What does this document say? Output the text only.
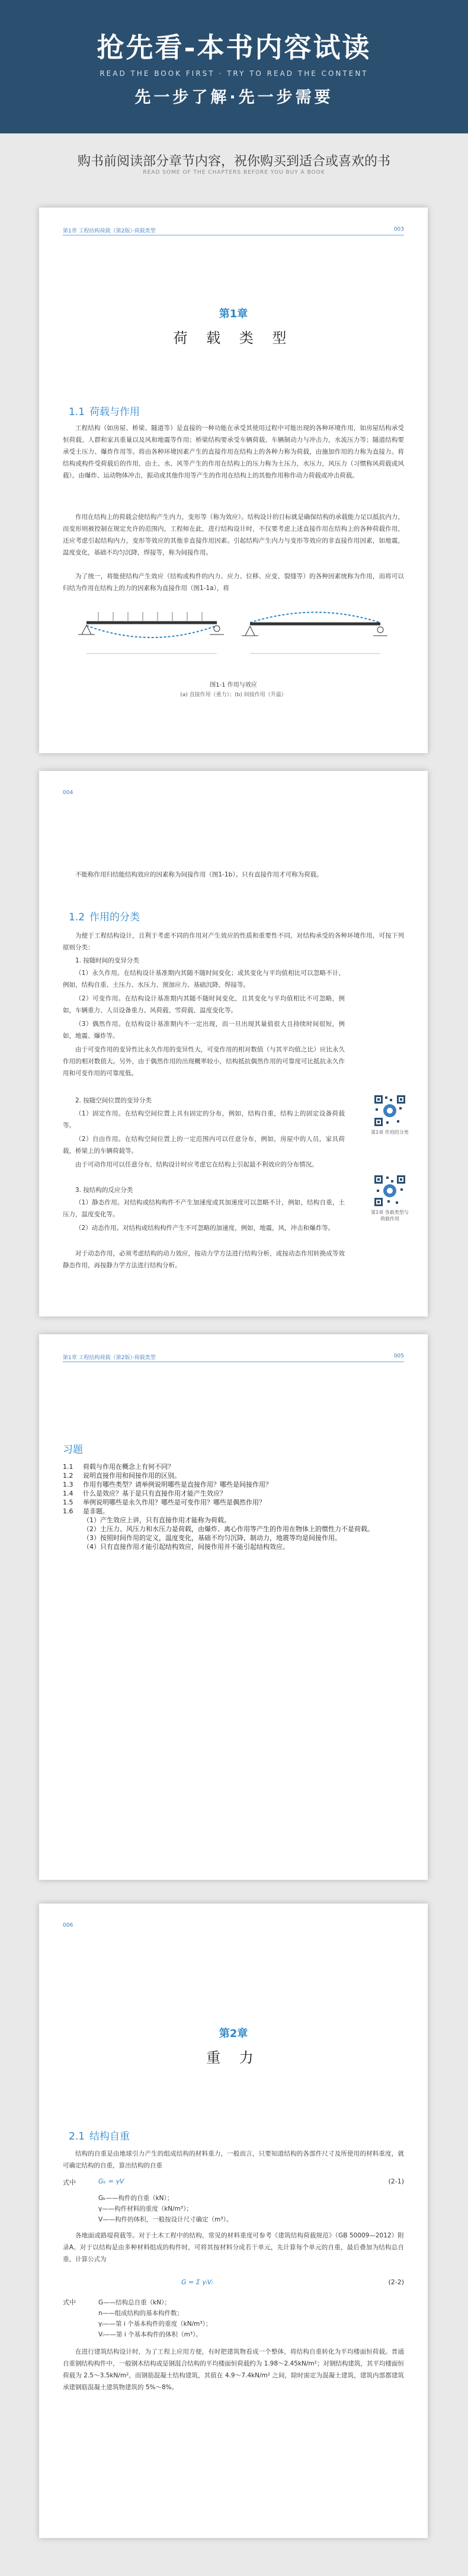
抢先看-本书内容试读
READ THE BOOK FIRST · TRY TO READ THE CONTENT
先一步了解·先一步需要
购书前阅读部分章节内容，祝你购买到适合或喜欢的书
READ SOME OF THE CHAPTERS BEFORE YOU BUY A BOOK
第1章 工程结构荷载（第2版）·荷载类型	003
第1章
荷 载 类 型
1.1 荷载与作用
工程结构（如房屋、桥梁、隧道等）是直接的一种功能在承受其使用过程中可能出现的各种环境作用，如房屋结构承受恒荷载、人群和家具重量以及风和地震等作用；桥梁结构要承受车辆荷载、车辆制动力与冲击力，水流压力等；隧道结构要承受土压力、爆炸作用等。将由各种环境因素产生的直接作用在结构上的各种力称为荷载，由施加作用的力称为直接力。将结构或构件受荷载后的作用，由土、水、风等产生的作用在结构上的压力称为土压力，水压力，风压力（习惯称风荷载或风载），由爆炸、运动物体冲击，振动或其他作用等产生的作用在结构上的其他作用称作动力荷载或冲击荷载。
作用在结构上的荷载会使结构产生内力，变形等（称为效应）。结构设计的目标就是确保结构的承载能力足以抵抗内力，而变形则被控制在规定允许的范围内，工程师在此，进行结构设计时，不仅要考虑上述直接作用在结构上的各种荷载作用，还应考虑引起结构内力，变形等效应的其他非直接作用因素。引起结构产生内力与变形等效应的非直接作用因素，如地震，温度变化，基础不均匀沉降，焊接等，称为间接作用。
为了统一，将能使结构产生效应（结构或构件的内力、应力、位移、应变、裂缝等）的各种因素统称为作用，而将可以归结为作用在结构上的力的因素称为直接作用（图1-1a），将
图1-1 作用与效应
(a) 直接作用（重力）；(b) 间接作用（升温）
004
不能称作用归结能结构效应的因素称为间接作用（图1-1b）。只有直接作用才可称为荷载。
1.2 作用的分类
为便于工程结构设计，且利于考虑不同的作用对产生效应的性质和重要性不同，对结构承受的各种环境作用，可按下列原则分类：
1. 按随时间的变异分类
（1）永久作用。在结构设计基准期内其随不随时间变化；或其变化与平均值相比可以忽略不计，例如，结构自重、土压力、水压力、预加应力、基础沉降、焊接等。
（2）可变作用。在结构设计基准期内其随不随时间变化，且其变化与平均值相比不可忽略，例如，车辆重力、人员设备重力、风荷载、雪荷载、温度变化等。
（3）偶然作用。在结构设计基准期内不一定出现，而一旦出现其量值很大且持续时间很短，例如，地震、爆炸等。
由于可变作用的变异性比永久作用的变异性大，可变作用的相对数值（与其平均值之比）应比永久作用的相对数值大。另外，由于偶然作用的出现概率较小，结构抵抗偶然作用的可靠度可比抵抗永久作用和可变作用的可靠度低。
2. 按随空间位置的变异分类
（1）固定作用。在结构空间位置上具有固定的分布，例如，结构自重，结构上的固定设备荷载等。
（2）自由作用。在结构空间位置上的一定范围内可以任意分布，例如，房屋中的人员，家具荷载，桥梁上的车辆荷载等。
由于可动作用可以任意分布，结构设计时应考虑它在结构上引起最不利效应的分布情况。
3. 按结构的反应分类
（1）静态作用。对结构或结构构件不产生加速度或其加速度可以忽略不计，例如，结构自重，土压力，温度变化等。
（2）动态作用。对结构或结构构件产生不可忽略的加速度，例如，地震，风，冲击和爆炸等。
对于动态作用，必须考虑结构的动力效应，按动力学方法进行结构分析，或按动态作用转换成等效静态作用，再按静力学方法进行结构分析。
第1章 作用的分类
第1章 各载类型与荷载作用
第1章 工程结构荷载（第2版）·荷载类型	005
习题
1.1 荷载与作用在概念上有何不同？
1.2 说明直接作用和间接作用的区别。
1.3 作用有哪些类型？请举例说明哪些是直接作用？哪些是间接作用？
1.4 什么是效应？基于是只有直接作用才能产生效应？
1.5 举例说明哪些是永久作用？哪些是可变作用？哪些是偶然作用？
1.6 是非题。
（1）产生效应上讲，只有直接作用才能称为荷载。
（2）土压力、风压力和水压力是荷载，由爆炸、离心作用等产生的作用在物体上的惯性力不是荷载。
（3）按照时间作用的定义，温度变化，基础不均匀沉降，制动力，地震等均是间接作用。
（4）只有直接作用才能引起结构效应，间接作用并不能引起结构效应。
006
第2章
重 力
2.1 结构自重
结构的自重是由地球引力产生的组成结构的材料重力，一般而言，只要知道结构的各部件尺寸及所使用的材料重度，就可确定结构的自重，算出结构的自重
式中	Gₖ = γV	(2-1)
Gₖ——构件的自重（kN）；
γ——构件材料的重度（kN/m³）；
V——构件的体积，一般按设计尺寸确定（m³）。
各地面或路堤荷载等。对于土木工程中的结构，常见的材料重度可参考《建筑结构荷载规范》（GB 50009—2012）附录A。对于以结构是由多种材料组成的构件时，可将其按材料分成若干单元，先计算每个单元的自重，最后叠加为结构总自重，计算公式为
G = Σ γᵢVᵢ	(2-2)
式中	G——结构总自重（kN）；
n——组成结构的基本构件数；
γᵢ——第 i 个基本构件的重度（kN/m³）；
Vᵢ——第 i 个基本构件的体积（m³）。
在进行建筑结构设计时，为了工程上应用方便，有时把建筑物看成一个整体，将结构自重转化为平均楼面恒荷载。普通自重钢结构构件中，一般钢木结构或是钢混合结构的平均楼面恒荷载约为 1.98～2.45kN/m²；对钢结构建筑，其平均楼面恒荷载为 2.5～3.5kN/m²，而钢筋混凝土结构建筑，其值在 4.9～7.4kN/m² 之间，除时需定为混凝土建筑，建筑内部都建筑承建钢筋混凝土建筑物建筑的 5%～8%。
